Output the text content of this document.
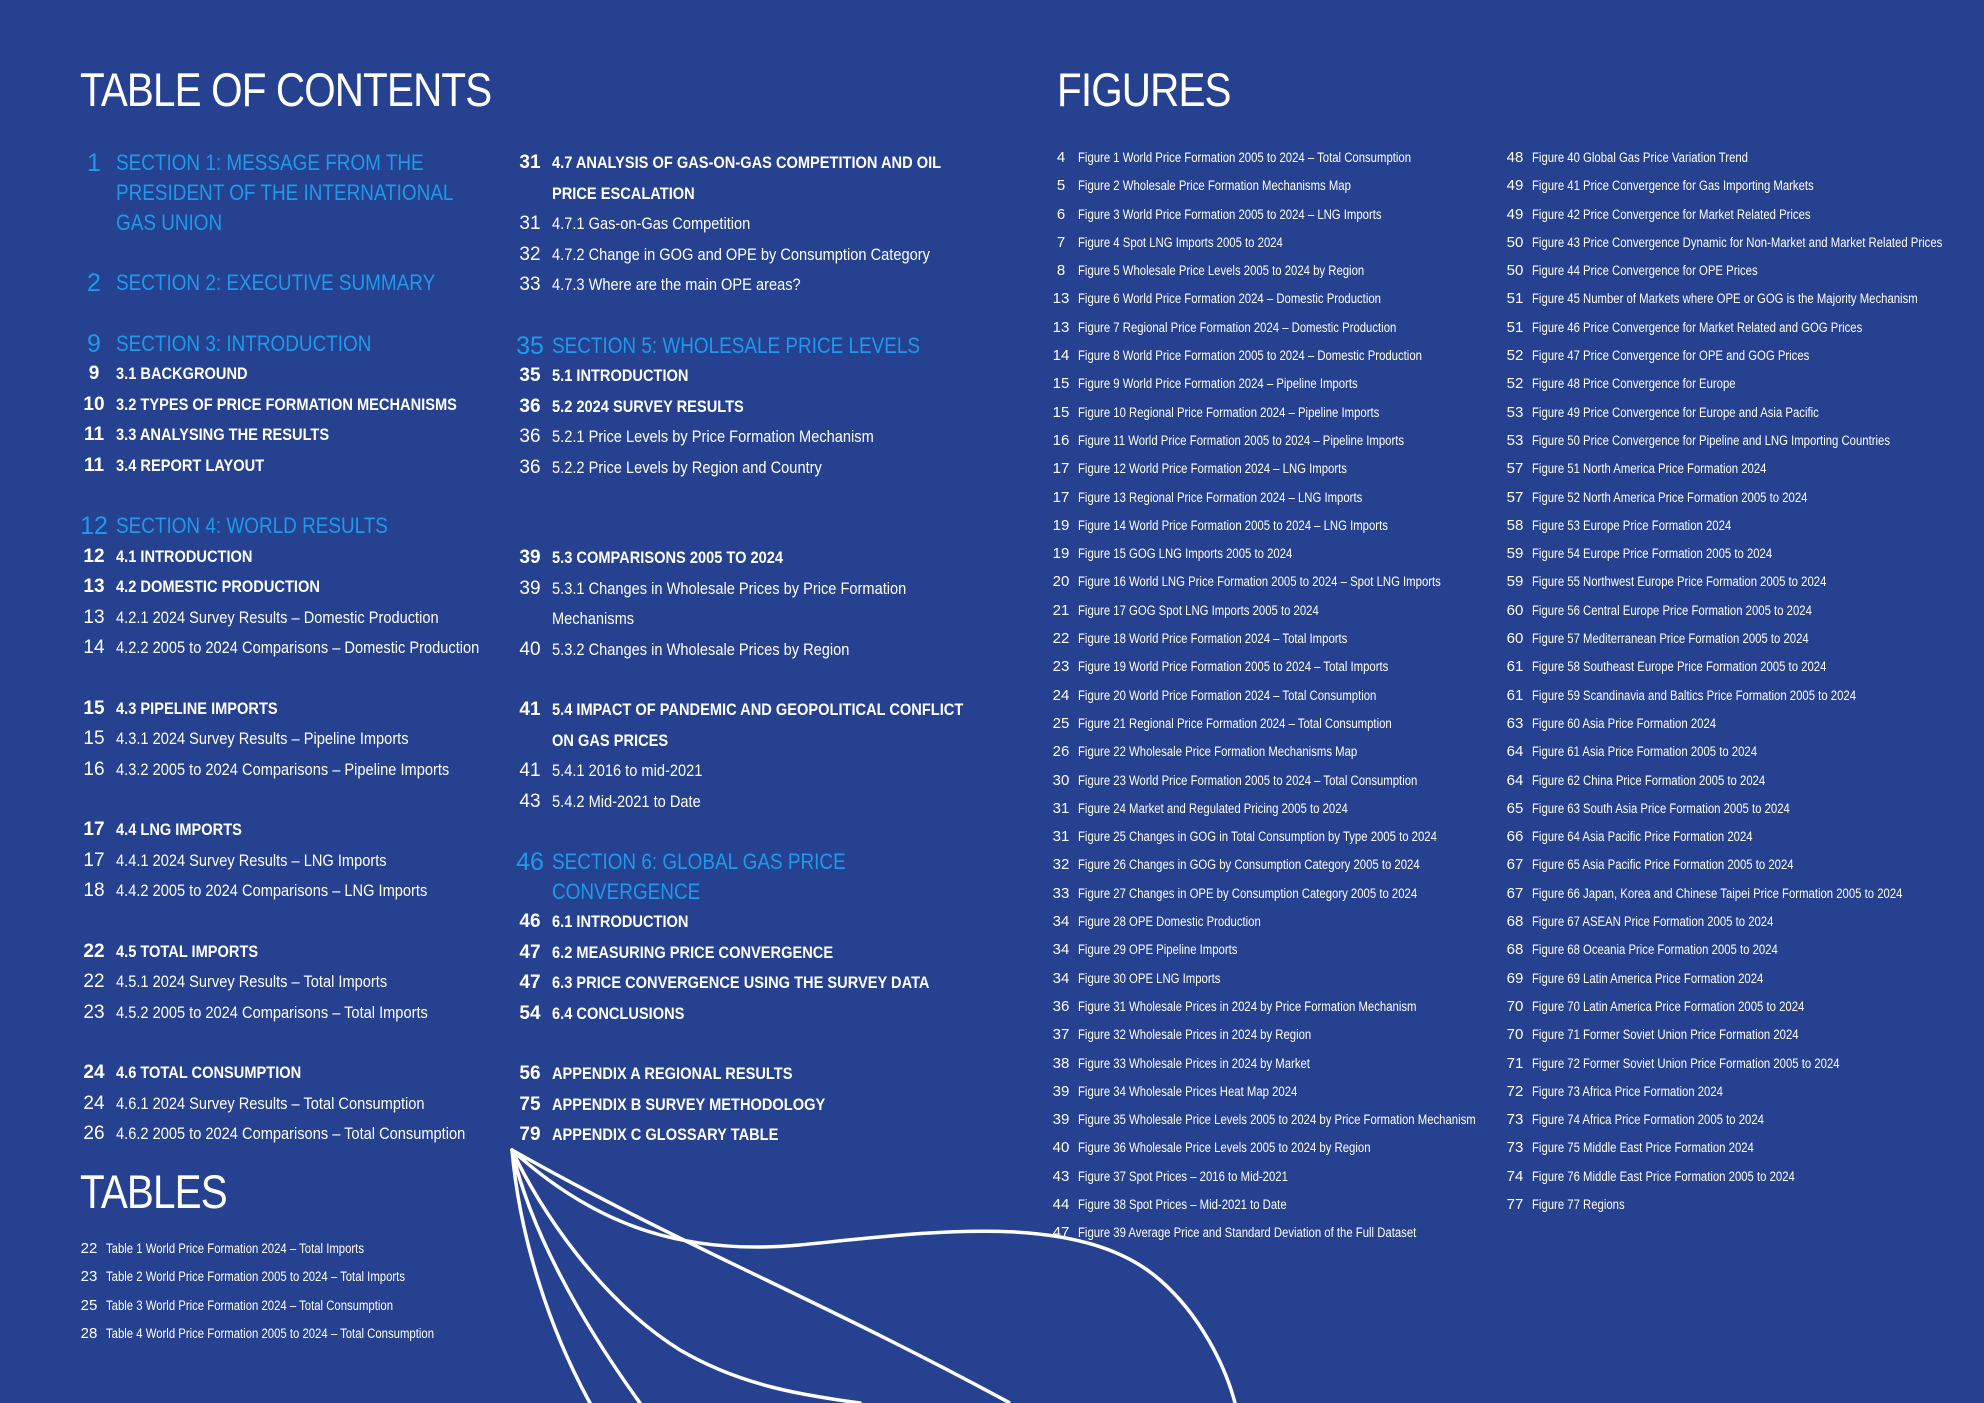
TABLE OF CONTENTS	FIGURES
TABLES
1 SECTION 1: MESSAGE FROM THE PRESIDENT OF THE INTERNATIONAL GAS UNION
2 SECTION 2: EXECUTIVE SUMMARY
9 SECTION 3: INTRODUCTION
9 3.1 BACKGROUND
10 3.2 TYPES OF PRICE FORMATION MECHANISMS
11 3.3 ANALYSING THE RESULTS
11 3.4 REPORT LAYOUT
12 SECTION 4: WORLD RESULTS
12 4.1 INTRODUCTION
13 4.2 DOMESTIC PRODUCTION
13 4.2.1 2024 Survey Results – Domestic Production
14 4.2.2 2005 to 2024 Comparisons – Domestic Production
15 4.3 PIPELINE IMPORTS
15 4.3.1 2024 Survey Results – Pipeline Imports
16 4.3.2 2005 to 2024 Comparisons – Pipeline Imports
17 4.4 LNG IMPORTS
17 4.4.1 2024 Survey Results – LNG Imports
18 4.4.2 2005 to 2024 Comparisons – LNG Imports
22 4.5 TOTAL IMPORTS
22 4.5.1 2024 Survey Results – Total Imports
23 4.5.2 2005 to 2024 Comparisons – Total Imports
24 4.6 TOTAL CONSUMPTION
24 4.6.1 2024 Survey Results – Total Consumption
26 4.6.2 2005 to 2024 Comparisons – Total Consumption
31 4.7 ANALYSIS OF GAS-ON-GAS COMPETITION AND OIL PRICE ESCALATION
31 4.7.1 Gas-on-Gas Competition
32 4.7.2 Change in GOG and OPE by Consumption Category
33 4.7.3 Where are the main OPE areas?
35 SECTION 5: WHOLESALE PRICE LEVELS
35 5.1 INTRODUCTION
36 5.2 2024 SURVEY RESULTS
36 5.2.1 Price Levels by Price Formation Mechanism
36 5.2.2 Price Levels by Region and Country
39 5.3 COMPARISONS 2005 TO 2024
39 5.3.1 Changes in Wholesale Prices by Price Formation Mechanisms
40 5.3.2 Changes in Wholesale Prices by Region
41 5.4 IMPACT OF PANDEMIC AND GEOPOLITICAL CONFLICT ON GAS PRICES
41 5.4.1 2016 to mid-2021
43 5.4.2 Mid-2021 to Date
46 SECTION 6: GLOBAL GAS PRICE CONVERGENCE
46 6.1 INTRODUCTION
47 6.2 MEASURING PRICE CONVERGENCE
47 6.3 PRICE CONVERGENCE USING THE SURVEY DATA
54 6.4 CONCLUSIONS
56 APPENDIX A REGIONAL RESULTS
75 APPENDIX B SURVEY METHODOLOGY
79 APPENDIX C GLOSSARY TABLE
22 Table 1 World Price Formation 2024 – Total Imports
23 Table 2 World Price Formation 2005 to 2024 – Total Imports
25 Table 3 World Price Formation 2024 – Total Consumption
28 Table 4 World Price Formation 2005 to 2024 – Total Consumption
4 Figure 1 World Price Formation 2005 to 2024 – Total Consumption
5 Figure 2 Wholesale Price Formation Mechanisms Map
6 Figure 3 World Price Formation 2005 to 2024 – LNG Imports
7 Figure 4 Spot LNG Imports 2005 to 2024
8 Figure 5 Wholesale Price Levels 2005 to 2024 by Region
13 Figure 6 World Price Formation 2024 – Domestic Production
13 Figure 7 Regional Price Formation 2024 – Domestic Production
14 Figure 8 World Price Formation 2005 to 2024 – Domestic Production
15 Figure 9 World Price Formation 2024 – Pipeline Imports
15 Figure 10 Regional Price Formation 2024 – Pipeline Imports
16 Figure 11 World Price Formation 2005 to 2024 – Pipeline Imports
17 Figure 12 World Price Formation 2024 – LNG Imports
17 Figure 13 Regional Price Formation 2024 – LNG Imports
19 Figure 14 World Price Formation 2005 to 2024 – LNG Imports
19 Figure 15 GOG LNG Imports 2005 to 2024
20 Figure 16 World LNG Price Formation 2005 to 2024 – Spot LNG Imports
21 Figure 17 GOG Spot LNG Imports 2005 to 2024
22 Figure 18 World Price Formation 2024 – Total Imports
23 Figure 19 World Price Formation 2005 to 2024 – Total Imports
24 Figure 20 World Price Formation 2024 – Total Consumption
25 Figure 21 Regional Price Formation 2024 – Total Consumption
26 Figure 22 Wholesale Price Formation Mechanisms Map
30 Figure 23 World Price Formation 2005 to 2024 – Total Consumption
31 Figure 24 Market and Regulated Pricing 2005 to 2024
31 Figure 25 Changes in GOG in Total Consumption by Type 2005 to 2024
32 Figure 26 Changes in GOG by Consumption Category 2005 to 2024
33 Figure 27 Changes in OPE by Consumption Category 2005 to 2024
34 Figure 28 OPE Domestic Production
34 Figure 29 OPE Pipeline Imports
34 Figure 30 OPE LNG Imports
36 Figure 31 Wholesale Prices in 2024 by Price Formation Mechanism
37 Figure 32 Wholesale Prices in 2024 by Region
38 Figure 33 Wholesale Prices in 2024 by Market
39 Figure 34 Wholesale Prices Heat Map 2024
39 Figure 35 Wholesale Price Levels 2005 to 2024 by Price Formation Mechanism
40 Figure 36 Wholesale Price Levels 2005 to 2024 by Region
43 Figure 37 Spot Prices – 2016 to Mid-2021
44 Figure 38 Spot Prices – Mid-2021 to Date
47 Figure 39 Average Price and Standard Deviation of the Full Dataset
48 Figure 40 Global Gas Price Variation Trend
49 Figure 41 Price Convergence for Gas Importing Markets
49 Figure 42 Price Convergence for Market Related Prices
50 Figure 43 Price Convergence Dynamic for Non-Market and Market Related Prices
50 Figure 44 Price Convergence for OPE Prices
51 Figure 45 Number of Markets where OPE or GOG is the Majority Mechanism
51 Figure 46 Price Convergence for Market Related and GOG Prices
52 Figure 47 Price Convergence for OPE and GOG Prices
52 Figure 48 Price Convergence for Europe
53 Figure 49 Price Convergence for Europe and Asia Pacific
53 Figure 50 Price Convergence for Pipeline and LNG Importing Countries
57 Figure 51 North America Price Formation 2024
57 Figure 52 North America Price Formation 2005 to 2024
58 Figure 53 Europe Price Formation 2024
59 Figure 54 Europe Price Formation 2005 to 2024
59 Figure 55 Northwest Europe Price Formation 2005 to 2024
60 Figure 56 Central Europe Price Formation 2005 to 2024
60 Figure 57 Mediterranean Price Formation 2005 to 2024
61 Figure 58 Southeast Europe Price Formation 2005 to 2024
61 Figure 59 Scandinavia and Baltics Price Formation 2005 to 2024
63 Figure 60 Asia Price Formation 2024
64 Figure 61 Asia Price Formation 2005 to 2024
64 Figure 62 China Price Formation 2005 to 2024
65 Figure 63 South Asia Price Formation 2005 to 2024
66 Figure 64 Asia Pacific Price Formation 2024
67 Figure 65 Asia Pacific Price Formation 2005 to 2024
67 Figure 66 Japan, Korea and Chinese Taipei Price Formation 2005 to 2024
68 Figure 67 ASEAN Price Formation 2005 to 2024
68 Figure 68 Oceania Price Formation 2005 to 2024
69 Figure 69 Latin America Price Formation 2024
70 Figure 70 Latin America Price Formation 2005 to 2024
70 Figure 71 Former Soviet Union Price Formation 2024
71 Figure 72 Former Soviet Union Price Formation 2005 to 2024
72 Figure 73 Africa Price Formation 2024
73 Figure 74 Africa Price Formation 2005 to 2024
73 Figure 75 Middle East Price Formation 2024
74 Figure 76 Middle East Price Formation 2005 to 2024
77 Figure 77 Regions
